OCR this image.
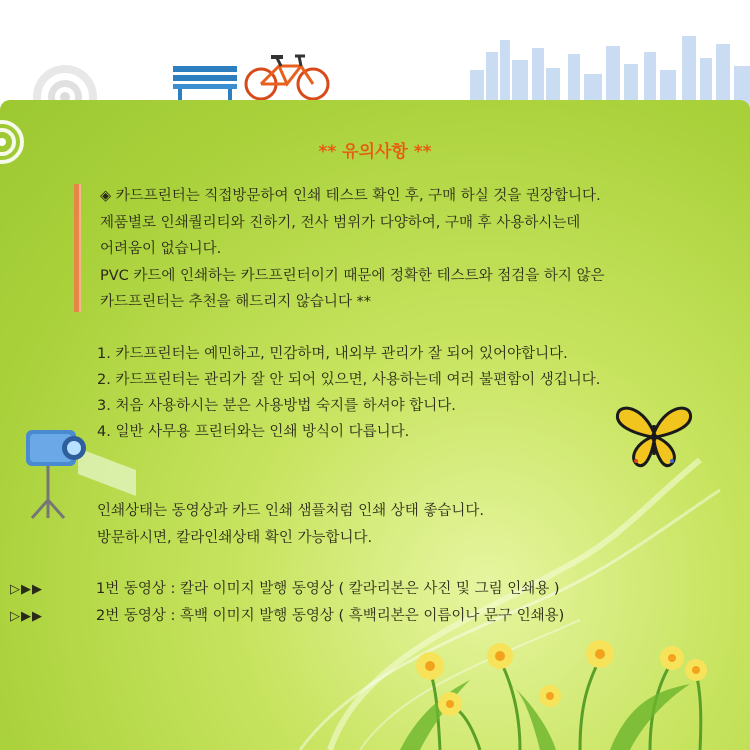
** 유의사항 **
◈ 카드프린터는 직접방문하여 인쇄 테스트 확인 후, 구매 하실 것을 권장합니다.
제품별로 인쇄퀄리티와 진하기, 전사 범위가 다양하여, 구매 후 사용하시는데
어려움이 없습니다.
PVC 카드에 인쇄하는 카드프린터이기 때문에 정확한 테스트와 점검을 하지 않은
카드프린터는 추천을 해드리지 않습니다 **
1. 카드프린터는 예민하고, 민감하며, 내외부 관리가 잘 되어 있어야합니다.
2. 카드프린터는 관리가 잘 안 되어 있으면, 사용하는데 여러 불편함이 생깁니다.
3. 처음 사용하시는 분은 사용방법 숙지를 하셔야 합니다.
4. 일반 사무용 프린터와는 인쇄 방식이 다릅니다.
인쇄상태는 동영상과 카드 인쇄 샘플처럼 인쇄 상태 좋습니다.
방문하시면, 칼라인쇄상태 확인 가능합니다.
▷▶▶	1번 동영상 : 칼라 이미지 발행 동영상 ( 칼라리본은 사진 및 그림 인쇄용 )
▷▶▶	2번 동영상 : 흑백 이미지 발행 동영상 ( 흑백리본은 이름이나 문구 인쇄용)
